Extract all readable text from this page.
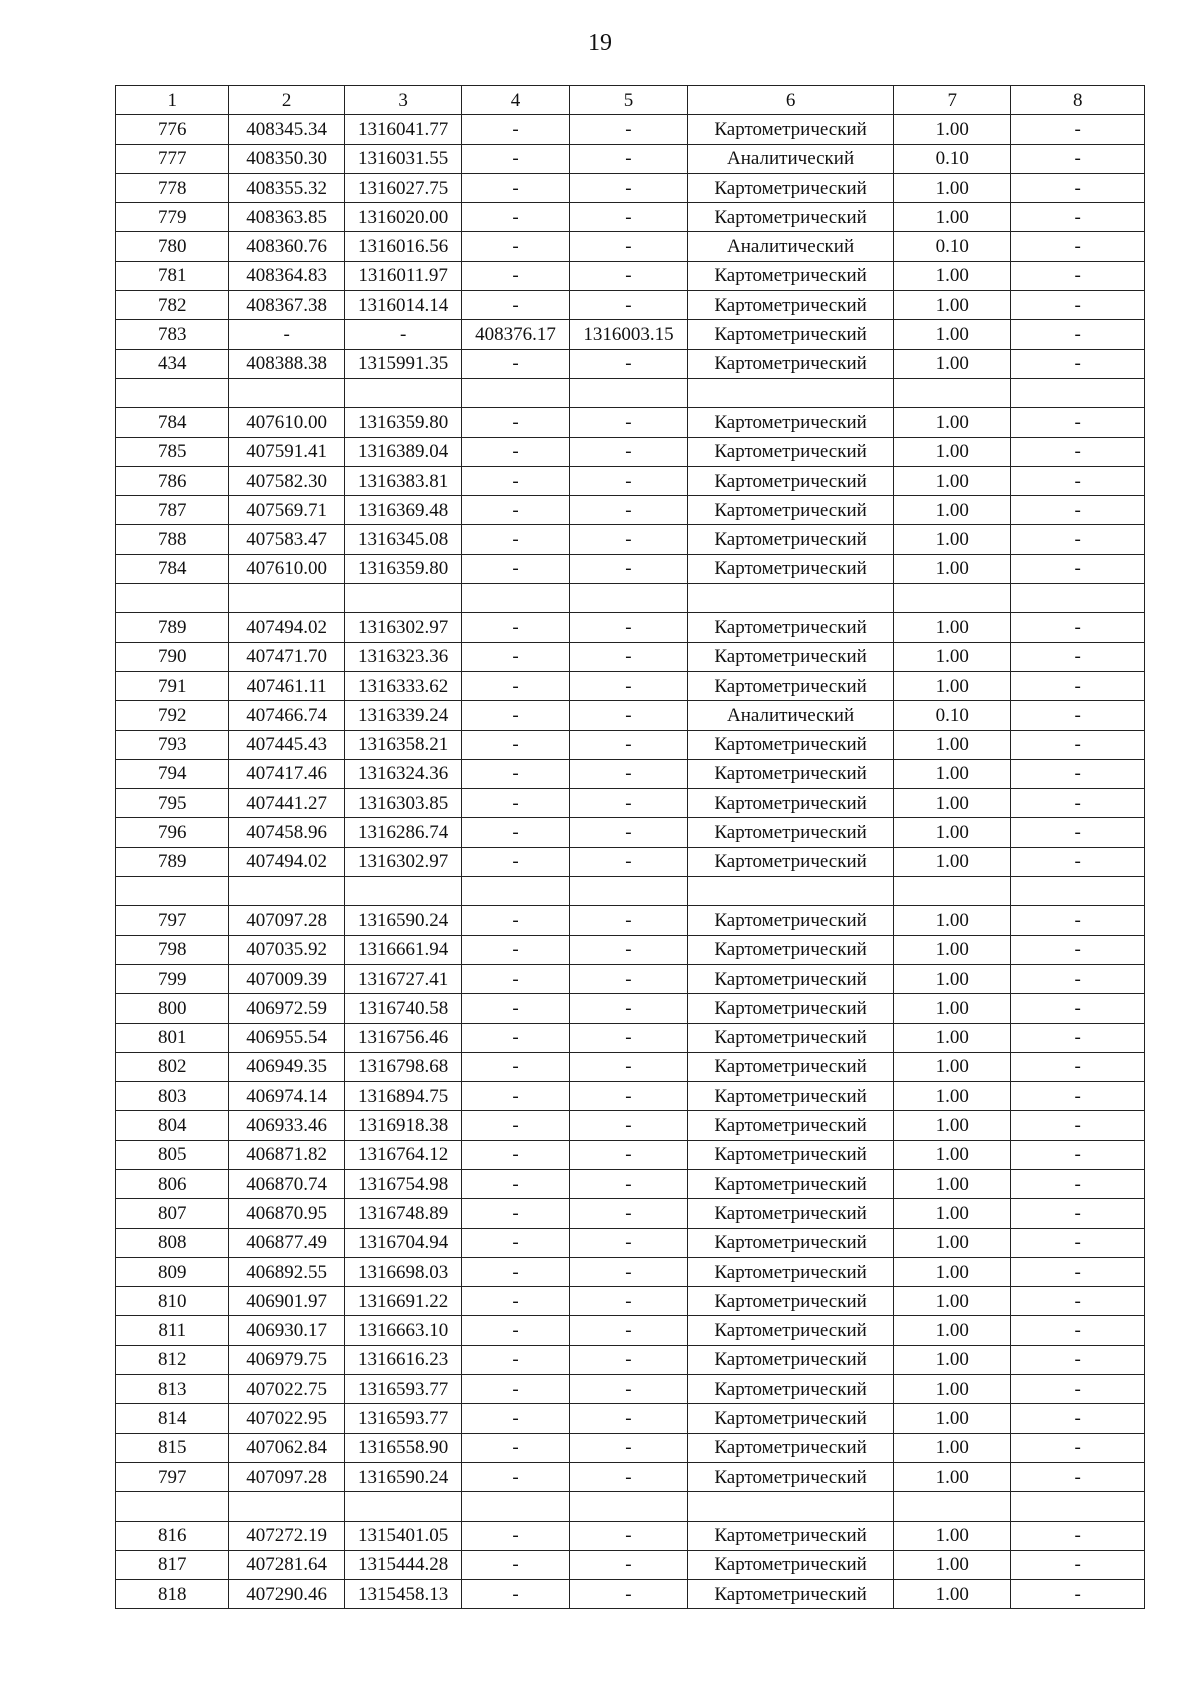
19
1	2	3	4	5	6	7	8
776	408345.34	1316041.77	-	-	Картометрический	1.00	-
777	408350.30	1316031.55	-	-	Аналитический	0.10	-
778	408355.32	1316027.75	-	-	Картометрический	1.00	-
779	408363.85	1316020.00	-	-	Картометрический	1.00	-
780	408360.76	1316016.56	-	-	Аналитический	0.10	-
781	408364.83	1316011.97	-	-	Картометрический	1.00	-
782	408367.38	1316014.14	-	-	Картометрический	1.00	-
783	-	-	408376.17	1316003.15	Картометрический	1.00	-
434	408388.38	1315991.35	-	-	Картометрический	1.00	-

784	407610.00	1316359.80	-	-	Картометрический	1.00	-
785	407591.41	1316389.04	-	-	Картометрический	1.00	-
786	407582.30	1316383.81	-	-	Картометрический	1.00	-
787	407569.71	1316369.48	-	-	Картометрический	1.00	-
788	407583.47	1316345.08	-	-	Картометрический	1.00	-
784	407610.00	1316359.80	-	-	Картометрический	1.00	-

789	407494.02	1316302.97	-	-	Картометрический	1.00	-
790	407471.70	1316323.36	-	-	Картометрический	1.00	-
791	407461.11	1316333.62	-	-	Картометрический	1.00	-
792	407466.74	1316339.24	-	-	Аналитический	0.10	-
793	407445.43	1316358.21	-	-	Картометрический	1.00	-
794	407417.46	1316324.36	-	-	Картометрический	1.00	-
795	407441.27	1316303.85	-	-	Картометрический	1.00	-
796	407458.96	1316286.74	-	-	Картометрический	1.00	-
789	407494.02	1316302.97	-	-	Картометрический	1.00	-

797	407097.28	1316590.24	-	-	Картометрический	1.00	-
798	407035.92	1316661.94	-	-	Картометрический	1.00	-
799	407009.39	1316727.41	-	-	Картометрический	1.00	-
800	406972.59	1316740.58	-	-	Картометрический	1.00	-
801	406955.54	1316756.46	-	-	Картометрический	1.00	-
802	406949.35	1316798.68	-	-	Картометрический	1.00	-
803	406974.14	1316894.75	-	-	Картометрический	1.00	-
804	406933.46	1316918.38	-	-	Картометрический	1.00	-
805	406871.82	1316764.12	-	-	Картометрический	1.00	-
806	406870.74	1316754.98	-	-	Картометрический	1.00	-
807	406870.95	1316748.89	-	-	Картометрический	1.00	-
808	406877.49	1316704.94	-	-	Картометрический	1.00	-
809	406892.55	1316698.03	-	-	Картометрический	1.00	-
810	406901.97	1316691.22	-	-	Картометрический	1.00	-
811	406930.17	1316663.10	-	-	Картометрический	1.00	-
812	406979.75	1316616.23	-	-	Картометрический	1.00	-
813	407022.75	1316593.77	-	-	Картометрический	1.00	-
814	407022.95	1316593.77	-	-	Картометрический	1.00	-
815	407062.84	1316558.90	-	-	Картометрический	1.00	-
797	407097.28	1316590.24	-	-	Картометрический	1.00	-

816	407272.19	1315401.05	-	-	Картометрический	1.00	-
817	407281.64	1315444.28	-	-	Картометрический	1.00	-
818	407290.46	1315458.13	-	-	Картометрический	1.00	-
